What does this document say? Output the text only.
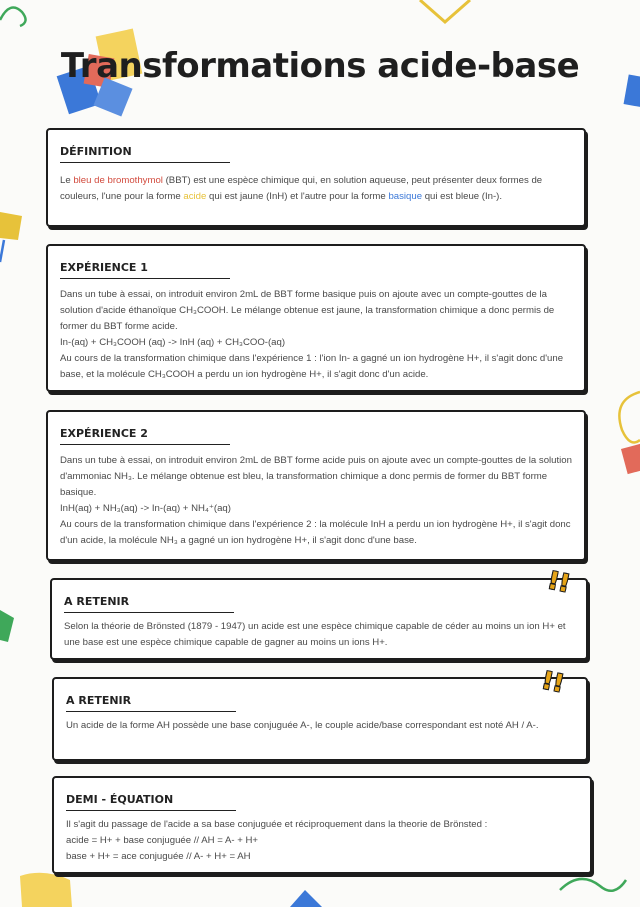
Transformations acide-base
DÉFINITION

Le bleu de bromothymol (BBT) est une espèce chimique qui, en solution aqueuse, peut présenter deux formes de couleurs, l'une pour la forme acide qui est jaune (InH) et l'autre pour la forme basique qui est bleue (In-).

EXPÉRIENCE 1

Dans un tube à essai, on introduit environ 2mL de BBT forme basique puis on ajoute avec un compte-gouttes de la solution d'acide éthanoïque CH₃COOH. Le mélange obtenue est jaune, la transformation chimique a donc permis de former du BBT forme acide.

In-(aq) + CH₃COOH (aq) -> InH (aq) + CH₃COO-(aq)

Au cours de la transformation chimique dans l'expérience 1 : l'ion In- a gagné un ion hydrogène H+, il s'agit donc d'une base, et la molécule CH₃COOH a perdu un ion hydrogène H+, il s'agit donc d'un acide.

EXPÉRIENCE 2

Dans un tube à essai, on introduit environ 2mL de BBT forme acide puis on ajoute avec un compte-gouttes de la solution d'ammoniac NH₃. Le mélange obtenue est bleu, la transformation chimique a donc permis de former du BBT forme basique.

InH(aq) + NH₃(aq) -> In-(aq) + NH₄⁺(aq)

Au cours de la transformation chimique dans l'expérience 2 : la molécule InH a perdu un ion hydrogène H+, il s'agit donc d'un acide, la molécule NH₃ a gagné un ion hydrogène H+, il s'agit donc d'une base.

A RETENIR

Selon la théorie de Brönsted (1879 - 1947) un acide est une espèce chimique capable de céder au moins un ion H+ et une base est une espèce chimique capable de gagner au moins un ions H+.

!!
A RETENIR

Un acide de la forme AH possède une base conjuguée A-, le couple acide/base correspondant est noté AH / A-.

!!
DEMI - ÉQUATION

Il s'agit du passage de l'acide a sa base conjuguée et réciproquement dans la theorie de Brönsted :

acide = H+ + base conjuguée // AH = A- + H+

base + H+ = ace conjuguée // A- + H+ = AH
